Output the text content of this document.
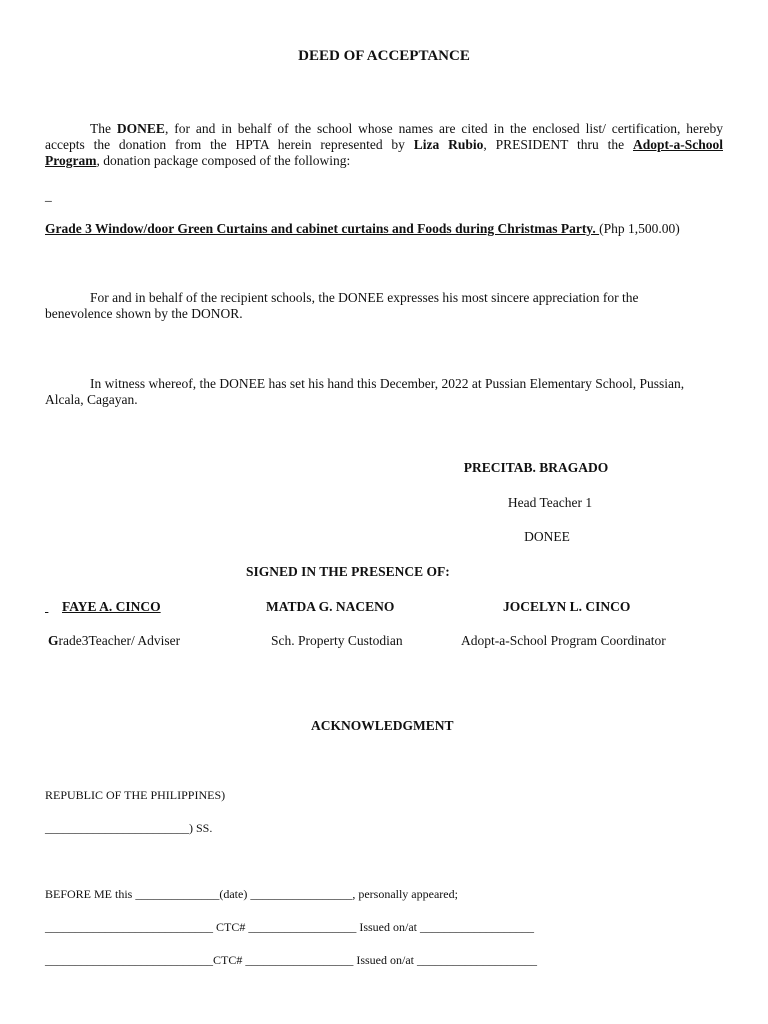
DEED OF ACCEPTANCE
The DONEE, for and in behalf of the school whose names are cited in the enclosed list/ certification, hereby
accepts the donation from the HPTA herein represented by Liza Rubio, PRESIDENT thru the Adopt-a-School
Program, donation package composed of the following:
_
Grade 3 Window/door Green Curtains and cabinet curtains and Foods during Christmas Party. (Php 1,500.00)
For and in behalf of the recipient schools, the DONEE expresses his most sincere appreciation for the
benevolence shown by the DONOR.
In witness whereof, the DONEE has set his hand this December, 2022 at Pussian Elementary School, Pussian,
Alcala, Cagayan.
PRECITAB. BRAGADO
Head Teacher 1
DONEE
SIGNED IN THE PRESENCE OF:
FAYE A. CINCO	MATDA G. NACENO	JOCELYN L. CINCO
Grade3Teacher/ Adviser	Sch. Property Custodian	Adopt-a-School Program Coordinator
ACKNOWLEDGMENT
REPUBLIC OF THE PHILIPPINES)
________________________) SS.
BEFORE ME this ______________(date) _________________, personally appeared;
____________________________ CTC# __________________ Issued on/at ___________________
____________________________CTC# __________________ Issued on/at ____________________
